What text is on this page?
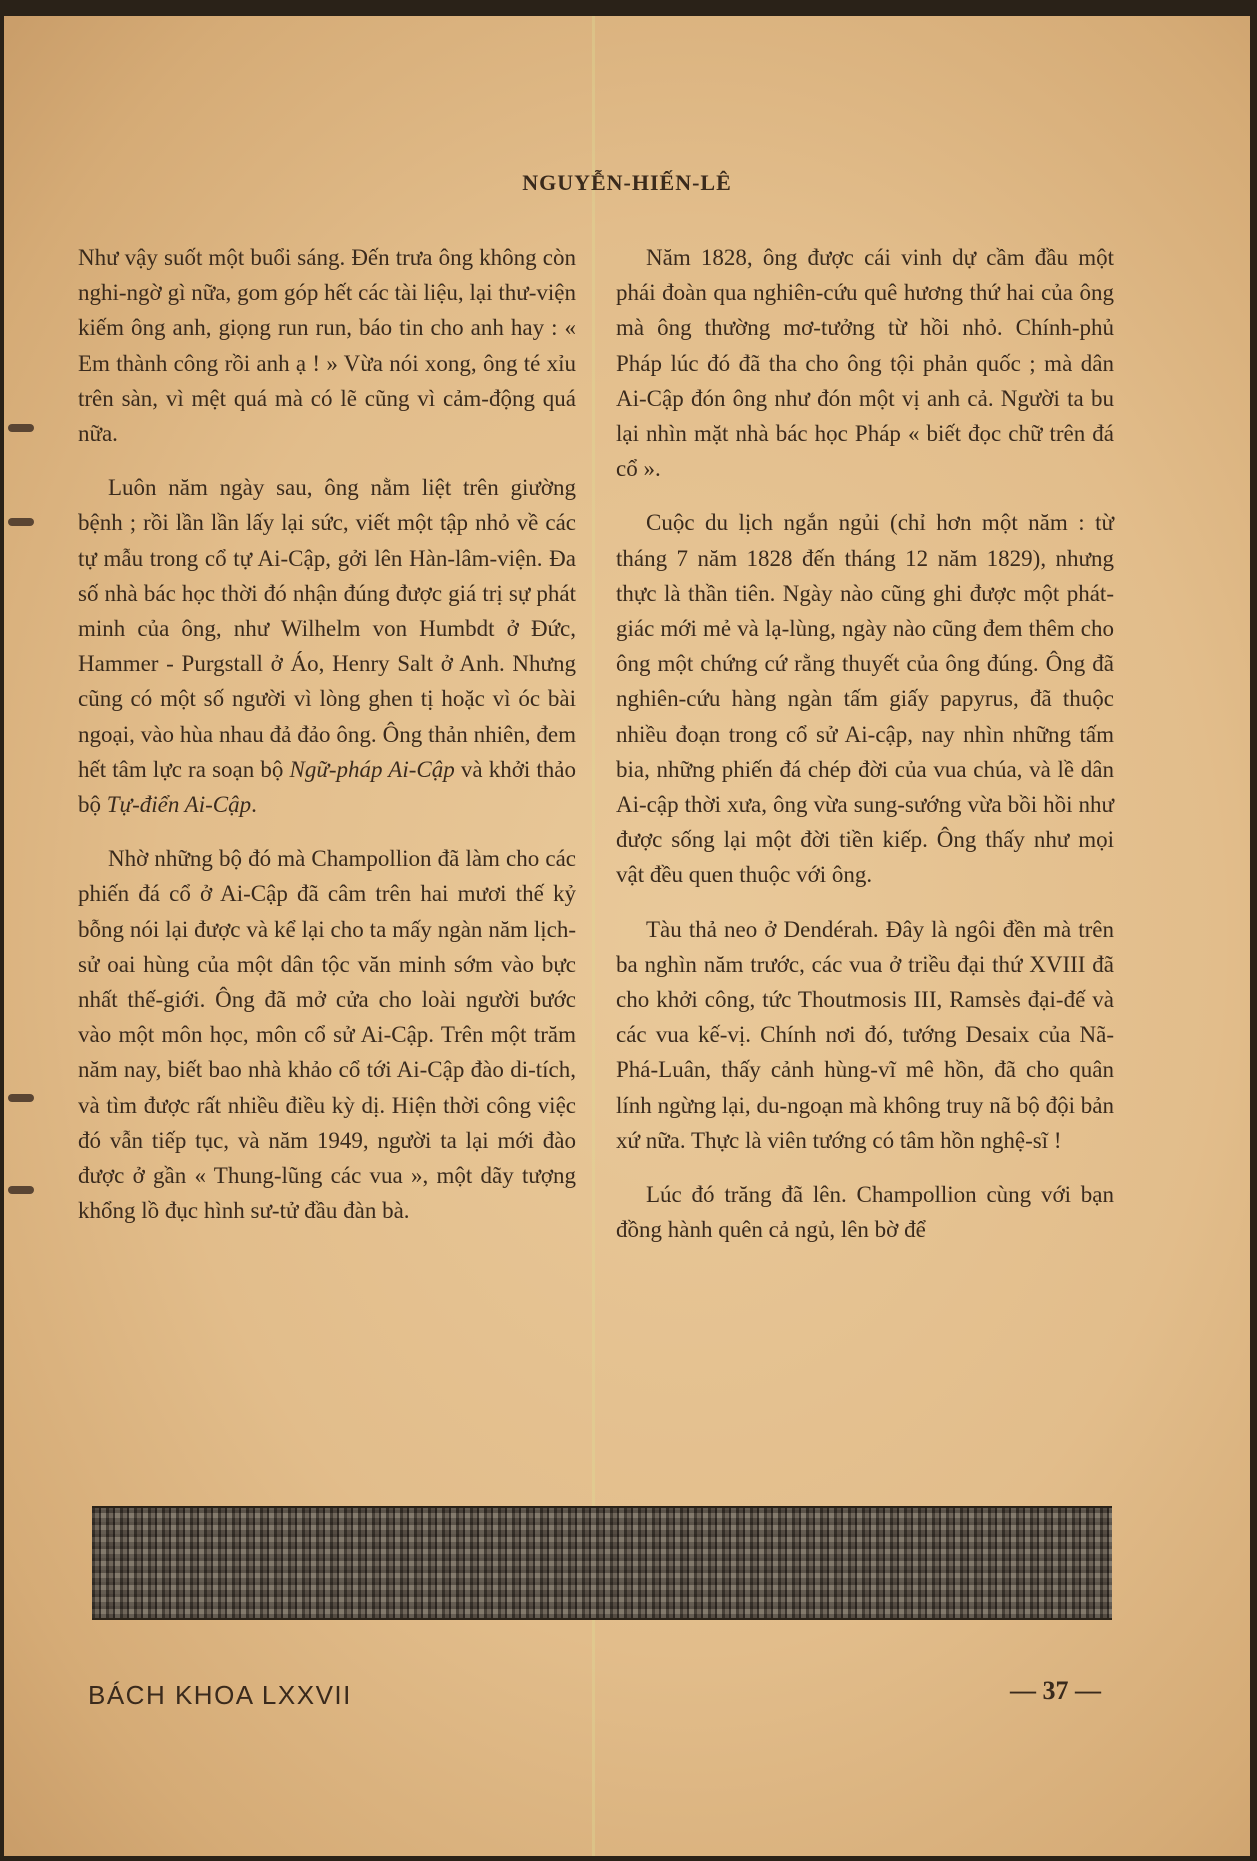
NGUYỄN-HIẾN-LÊ

Như vậy suốt một buổi sáng. Đến trưa ông không còn nghi-ngờ gì nữa, gom góp hết các tài liệu, lại thư-viện kiếm ông anh, giọng run run, báo tin cho anh hay : « Em thành công rồi anh ạ ! » Vừa nói xong, ông té xỉu trên sàn, vì mệt quá mà có lẽ cũng vì cảm-động quá nữa.

Luôn năm ngày sau, ông nằm liệt trên giường bệnh ; rồi lần lần lấy lại sức, viết một tập nhỏ về các tự mẫu trong cổ tự Ai-Cập, gởi lên Hàn-lâm-viện. Đa số nhà bác học thời đó nhận đúng được giá trị sự phát minh của ông, như Wilhelm von Humbdt ở Đức, Hammer - Purgstall ở Áo, Henry Salt ở Anh. Nhưng cũng có một số người vì lòng ghen tị hoặc vì óc bài ngoại, vào hùa nhau đả đảo ông. Ông thản nhiên, đem hết tâm lực ra soạn bộ Ngữ-pháp Ai-Cập và khởi thảo bộ Tự-điển Ai-Cập.

Nhờ những bộ đó mà Champollion đã làm cho các phiến đá cổ ở Ai-Cập đã câm trên hai mươi thế kỷ bỗng nói lại được và kể lại cho ta mấy ngàn năm lịch-sử oai hùng của một dân tộc văn minh sớm vào bực nhất thế-giới. Ông đã mở cửa cho loài người bước vào một môn học, môn cổ sử Ai-Cập. Trên một trăm năm nay, biết bao nhà khảo cổ tới Ai-Cập đào di-tích, và tìm được rất nhiều điều kỳ dị. Hiện thời công việc đó vẫn tiếp tục, và năm 1949, người ta lại mới đào được ở gần « Thung-lũng các vua », một dãy tượng khổng lồ đục hình sư-tử đầu đàn bà.

Năm 1828, ông được cái vinh dự cầm đầu một phái đoàn qua nghiên-cứu quê hương thứ hai của ông mà ông thường mơ-tưởng từ hồi nhỏ. Chính-phủ Pháp lúc đó đã tha cho ông tội phản quốc ; mà dân Ai-Cập đón ông như đón một vị anh cả. Người ta bu lại nhìn mặt nhà bác học Pháp « biết đọc chữ trên đá cổ ».

Cuộc du lịch ngắn ngủi (chỉ hơn một năm : từ tháng 7 năm 1828 đến tháng 12 năm 1829), nhưng thực là thần tiên. Ngày nào cũng ghi được một phát-giác mới mẻ và lạ-lùng, ngày nào cũng đem thêm cho ông một chứng cứ rằng thuyết của ông đúng. Ông đã nghiên-cứu hàng ngàn tấm giấy papyrus, đã thuộc nhiều đoạn trong cổ sử Ai-cập, nay nhìn những tấm bia, những phiến đá chép đời của vua chúa, và lề dân Ai-cập thời xưa, ông vừa sung-sướng vừa bồi hồi như được sống lại một đời tiền kiếp. Ông thấy như mọi vật đều quen thuộc với ông.

Tàu thả neo ở Dendérah. Đây là ngôi đền mà trên ba nghìn năm trước, các vua ở triều đại thứ XVIII đã cho khởi công, tức Thoutmosis III, Ramsès đại-đế và các vua kế-vị. Chính nơi đó, tướng Desaix của Nã-Phá-Luân, thấy cảnh hùng-vĩ mê hồn, đã cho quân lính ngừng lại, du-ngoạn mà không truy nã bộ đội bản xứ nữa. Thực là viên tướng có tâm hồn nghệ-sĩ !

Lúc đó trăng đã lên. Champollion cùng với bạn đồng hành quên cả ngủ, lên bờ để

BÁCH KHOA LXXVII	— 37 —
